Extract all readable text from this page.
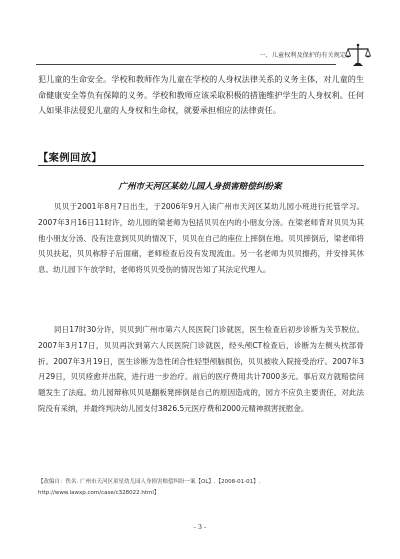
一、儿童权利及保护的有关规定

犯儿童的生命安全。学校和教师作为儿童在学校的人身权法律关系的义务主体，对儿童的生命健康安全等负有保障的义务。学校和教师应该采取积极的措施维护学生的人身权利。任何人如果非法侵犯儿童的人身权和生命权，就要承担相应的法律责任。

【案例回放】
广州市天河区某幼儿园人身损害赔偿纠纷案

贝贝于2001年8月7日出生，于2006年9月入读广州市天河区某幼儿园小班进行托管学习。2007年3月16日11时许，幼儿园的梁老师为包括贝贝在内的小朋友分汤。在梁老师背对贝贝为其他小朋友分汤、没有注意到贝贝的情况下，贝贝在自己的座位上摔倒在地。贝贝摔倒后，梁老师将贝贝扶起，贝贝称脖子后面痛，老师检查后没有发现流血。另一名老师为贝贝擦药，并安排其休息。幼儿园下午放学时，老师将贝贝受伤的情况告知了其法定代理人。

同日17时30分许，贝贝到广州市第六人民医院门诊就医，医生检查后初步诊断为关节脱位。2007年3月17日，贝贝再次到第六人民医院门诊就医，经头颅CT检查后，诊断为左侧头枕部骨折。2007年3月19日，医生诊断为急性闭合性轻型颅脑损伤，贝贝被收入院接受治疗。2007年3月29日，贝贝痊愈并出院，进行进一步治疗。前后的医疗费用共计7000多元。事后双方就赔偿问题发生了法庭。幼儿园辩称贝贝是翻板凳摔倒是自己的原因造成的，园方不应负主要责任，对此法院没有采纳，并最终判决幼儿园支付3826.5元医疗费和2000元精神损害抚慰金。

【改编自：佚名. 广州市天河区童星幼儿园人身损害赔偿纠纷一案【OL】.【2008-01-01】. http://www.lawxp.com/case/c328022.html】

- 3 -
